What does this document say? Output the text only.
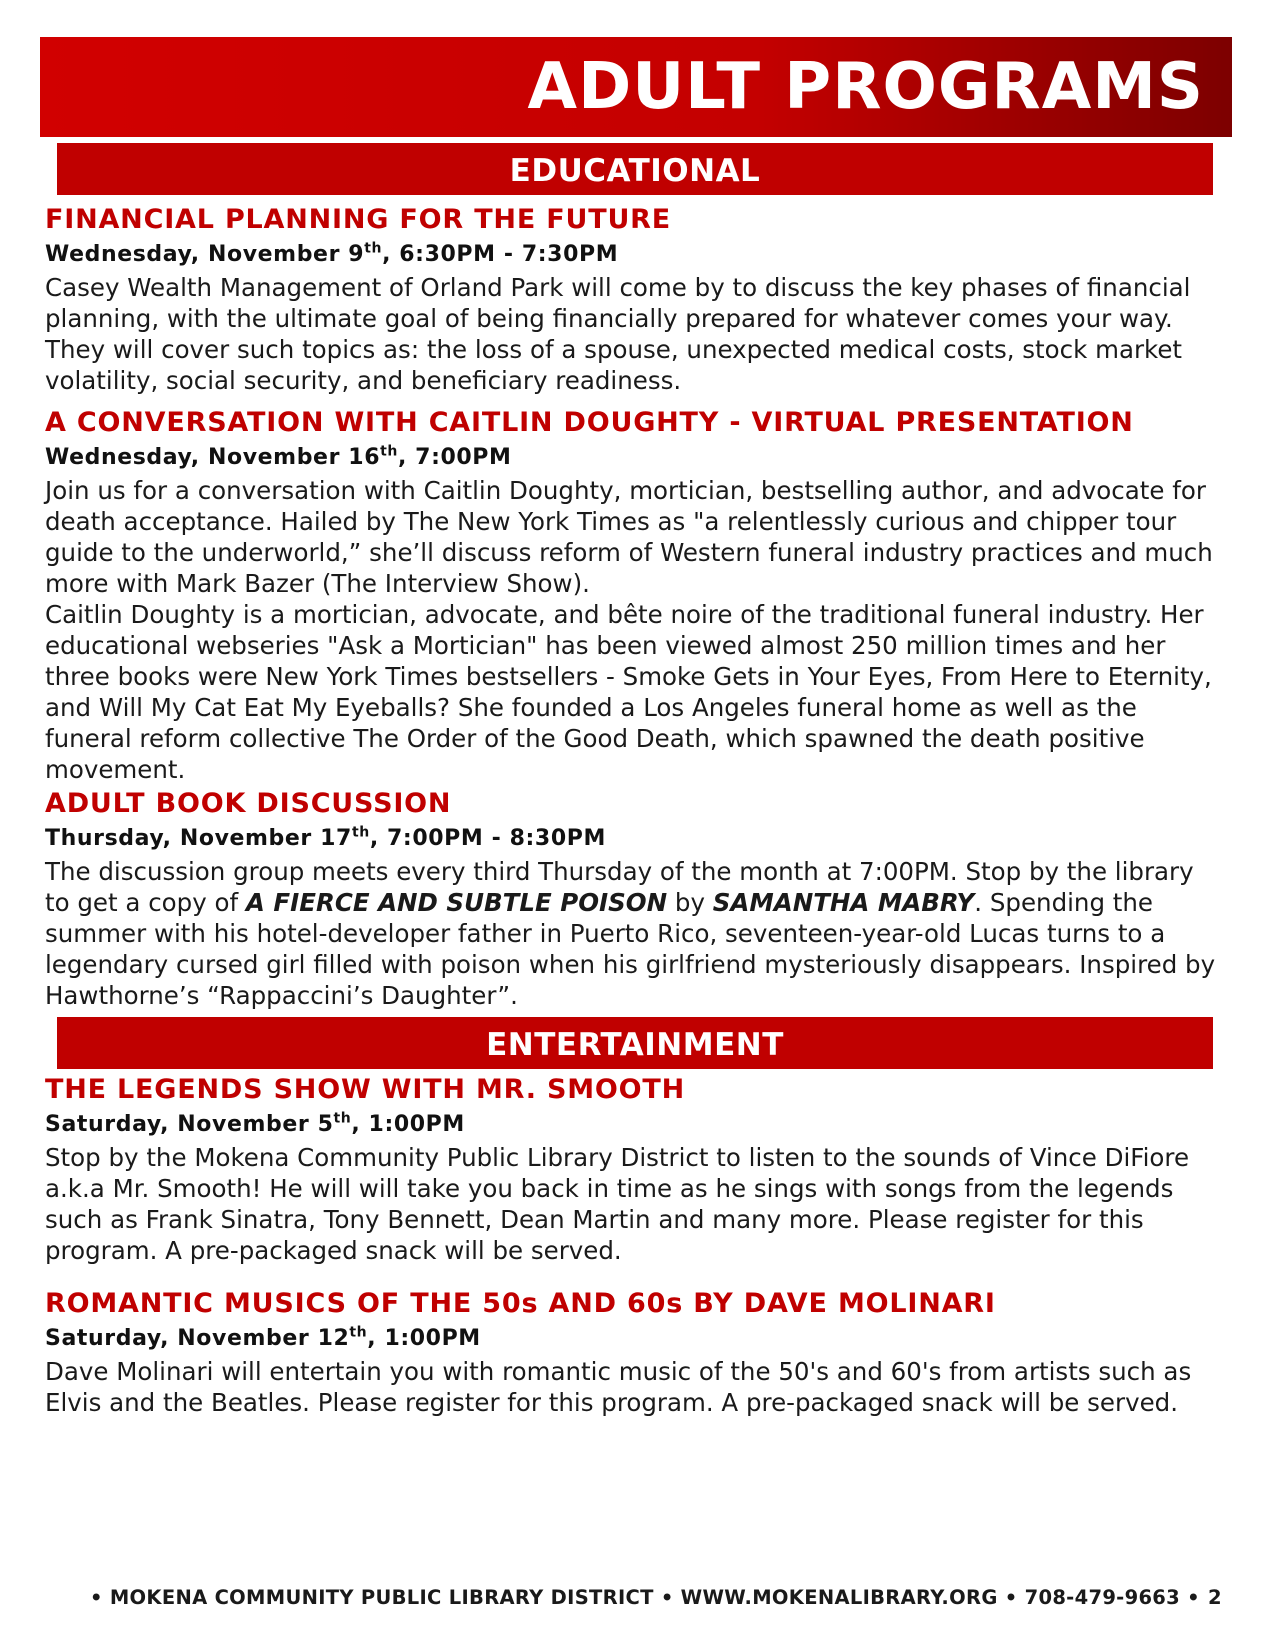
ADULT PROGRAMS
EDUCATIONAL
FINANCIAL PLANNING FOR THE FUTURE
Wednesday, November 9th, 6:30PM - 7:30PM
Casey Wealth Management of Orland Park will come by to discuss the key phases of financial planning, with the ultimate goal of being financially prepared for whatever comes your way. They will cover such topics as: the loss of a spouse, unexpected medical costs, stock market volatility, social security, and beneficiary readiness.
A CONVERSATION WITH CAITLIN DOUGHTY - VIRTUAL PRESENTATION
Wednesday, November 16th, 7:00PM

Join us for a conversation with Caitlin Doughty, mortician, bestselling author, and advocate for death acceptance. Hailed by The New York Times as "a relentlessly curious and chipper tour guide to the underworld,” she’ll discuss reform of Western funeral industry practices and much more with Mark Bazer (The Interview Show).

Caitlin Doughty is a mortician, advocate, and bête noire of the traditional funeral industry. Her educational webseries "Ask a Mortician" has been viewed almost 250 million times and her three books were New York Times bestsellers - Smoke Gets in Your Eyes, From Here to Eternity, and Will My Cat Eat My Eyeballs? She founded a Los Angeles funeral home as well as the funeral reform collective The Order of the Good Death, which spawned the death positive movement.

ADULT BOOK DISCUSSION
Thursday, November 17th, 7:00PM - 8:30PM
The discussion group meets every third Thursday of the month at 7:00PM. Stop by the library to get a copy of A FIERCE AND SUBTLE POISON by SAMANTHA MABRY. Spending the summer with his hotel-developer father in Puerto Rico, seventeen-year-old Lucas turns to a legendary cursed girl filled with poison when his girlfriend mysteriously disappears. Inspired by Hawthorne’s “Rappaccini’s Daughter”.
ENTERTAINMENT
THE LEGENDS SHOW WITH MR. SMOOTH
Saturday, November 5th, 1:00PM
Stop by the Mokena Community Public Library District to listen to the sounds of Vince DiFiore a.k.a Mr. Smooth! He will will take you back in time as he sings with songs from the legends such as Frank Sinatra, Tony Bennett, Dean Martin and many more. Please register for this program. A pre-packaged snack will be served.
ROMANTIC MUSICS OF THE 50s AND 60s BY DAVE MOLINARI
Saturday, November 12th, 1:00PM
Dave Molinari will entertain you with romantic music of the 50's and 60's from artists such as Elvis and the Beatles. Please register for this program. A pre-packaged snack will be served.
• MOKENA COMMUNITY PUBLIC LIBRARY DISTRICT • WWW.MOKENALIBRARY.ORG • 708-479-9663 • 2
